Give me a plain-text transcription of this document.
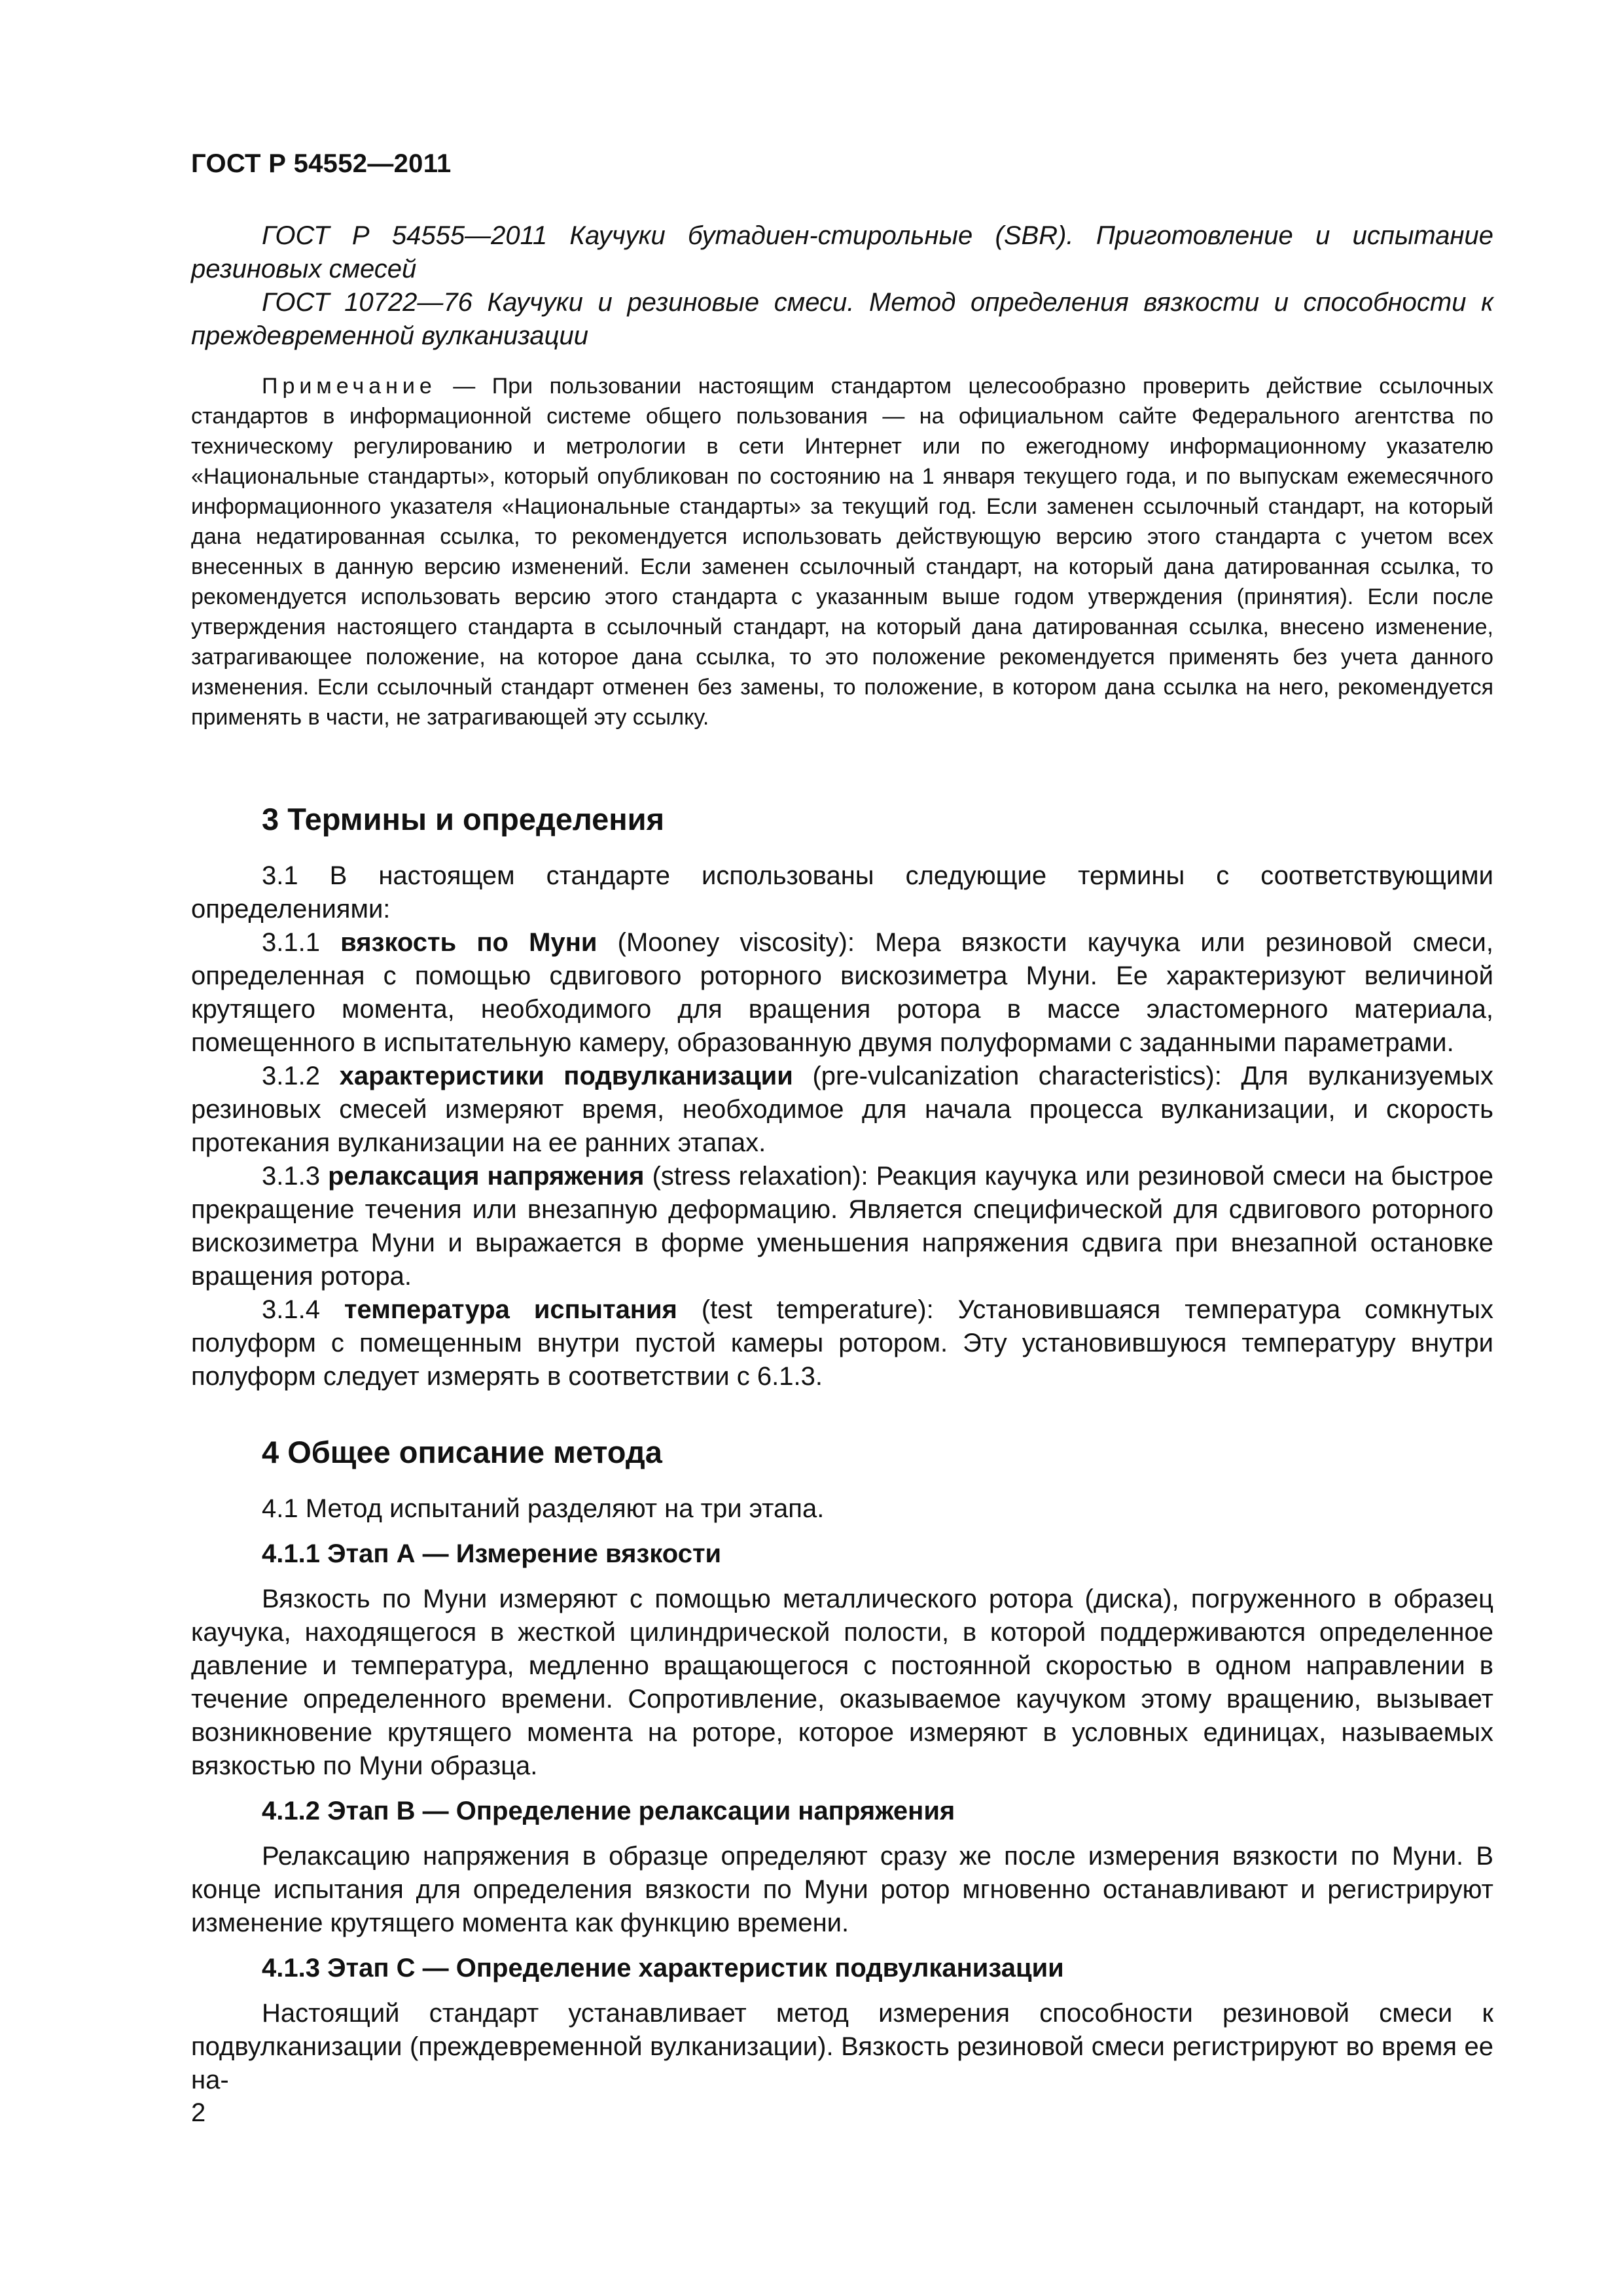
ГОСТ Р 54552—2011

ГОСТ Р 54555—2011 Каучуки бутадиен-стирольные (SBR). Приготовление и испытание резиновых смесей

ГОСТ 10722—76 Каучуки и резиновые смеси. Метод определения вязкости и способности к преждевременной вулканизации

Примечание — При пользовании настоящим стандартом целесообразно проверить действие ссылочных стандартов в информационной системе общего пользования — на официальном сайте Федерального агентства по техническому регулированию и метрологии в сети Интернет или по ежегодному информационному указателю «Национальные стандарты», который опубликован по состоянию на 1 января текущего года, и по выпускам ежемесячного информационного указателя «Национальные стандарты» за текущий год. Если заменен ссылочный стандарт, на который дана недатированная ссылка, то рекомендуется использовать действующую версию этого стандарта с учетом всех внесенных в данную версию изменений. Если заменен ссылочный стандарт, на который дана датированная ссылка, то рекомендуется использовать версию этого стандарта с указанным выше годом утверждения (принятия). Если после утверждения настоящего стандарта в ссылочный стандарт, на который дана датированная ссылка, внесено изменение, затрагивающее положение, на которое дана ссылка, то это положение рекомендуется применять без учета данного изменения. Если ссылочный стандарт отменен без замены, то положение, в котором дана ссылка на него, рекомендуется применять в части, не затрагивающей эту ссылку.

3 Термины и определения

3.1 В настоящем стандарте использованы следующие термины с соответствующими определениями:

3.1.1 вязкость по Муни (Mooney viscosity): Мера вязкости каучука или резиновой смеси, определенная с помощью сдвигового роторного вискозиметра Муни. Ее характеризуют величиной крутящего момента, необходимого для вращения ротора в массе эластомерного материала, помещенного в испытательную камеру, образованную двумя полуформами с заданными параметрами.

3.1.2 характеристики подвулканизации (pre-vulcanization characteristics): Для вулканизуемых резиновых смесей измеряют время, необходимое для начала процесса вулканизации, и скорость протекания вулканизации на ее ранних этапах.

3.1.3 релаксация напряжения (stress relaxation): Реакция каучука или резиновой смеси на быстрое прекращение течения или внезапную деформацию. Является специфической для сдвигового роторного вискозиметра Муни и выражается в форме уменьшения напряжения сдвига при внезапной остановке вращения ротора.

3.1.4 температура испытания (test temperature): Установившаяся температура сомкнутых полуформ с помещенным внутри пустой камеры ротором. Эту установившуюся температуру внутри полуформ следует измерять в соответствии с 6.1.3.

4 Общее описание метода

4.1 Метод испытаний разделяют на три этапа.

4.1.1 Этап А — Измерение вязкости

Вязкость по Муни измеряют с помощью металлического ротора (диска), погруженного в образец каучука, находящегося в жесткой цилиндрической полости, в которой поддерживаются определенное давление и температура, медленно вращающегося с постоянной скоростью в одном направлении в течение определенного времени. Сопротивление, оказываемое каучуком этому вращению, вызывает возникновение крутящего момента на роторе, которое измеряют в условных единицах, называемых вязкостью по Муни образца.

4.1.2 Этап В — Определение релаксации напряжения

Релаксацию напряжения в образце определяют сразу же после измерения вязкости по Муни. В конце испытания для определения вязкости по Муни ротор мгновенно останавливают и регистрируют изменение крутящего момента как функцию времени.

4.1.3 Этап С — Определение характеристик подвулканизации

Настоящий стандарт устанавливает метод измерения способности резиновой смеси к подвулканизации (преждевременной вулканизации). Вязкость резиновой смеси регистрируют во время ее на-

2
